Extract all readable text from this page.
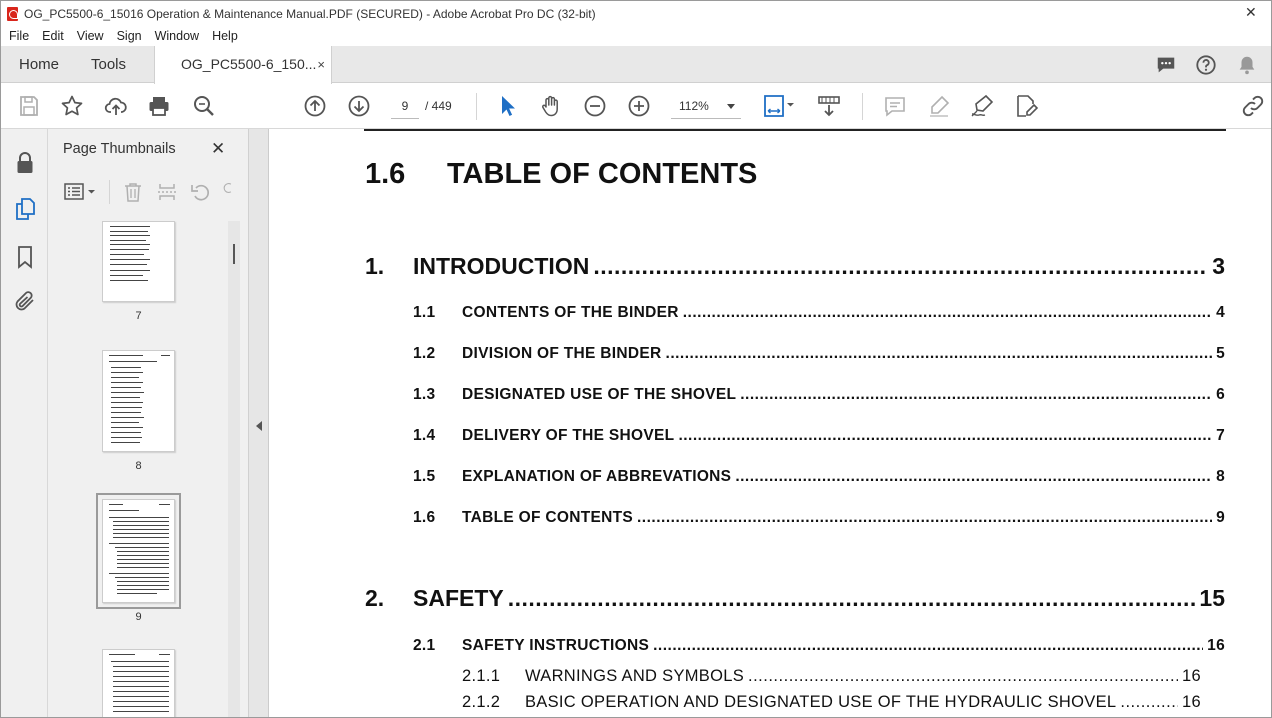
OG_PC5500-6_15016 Operation & Maintenance Manual.PDF (SECURED) - Adobe Acrobat Pro DC (32-bit)	✕
File Edit View Sign Window Help
Home Tools	OG_PC5500-6_150... ×
9	/ 449	112%
Page Thumbnails ✕
7
8
9
1.6 TABLE OF CONTENTS
1.	INTRODUCTION .....	3
1.1	CONTENTS OF THE BINDER .....	4
1.2	DIVISION OF THE BINDER .....	5
1.3	DESIGNATED USE OF THE SHOVEL .....	6
1.4	DELIVERY OF THE SHOVEL .....	7
1.5	EXPLANATION OF ABBREVATIONS .....	8
1.6	TABLE OF CONTENTS .....	9
2.	SAFETY .....	15
2.1	SAFETY INSTRUCTIONS .....	16
2.1.1	WARNINGS AND SYMBOLS .....	16
2.1.2	BASIC OPERATION AND DESIGNATED USE OF THE HYDRAULIC SHOVEL .....	16
